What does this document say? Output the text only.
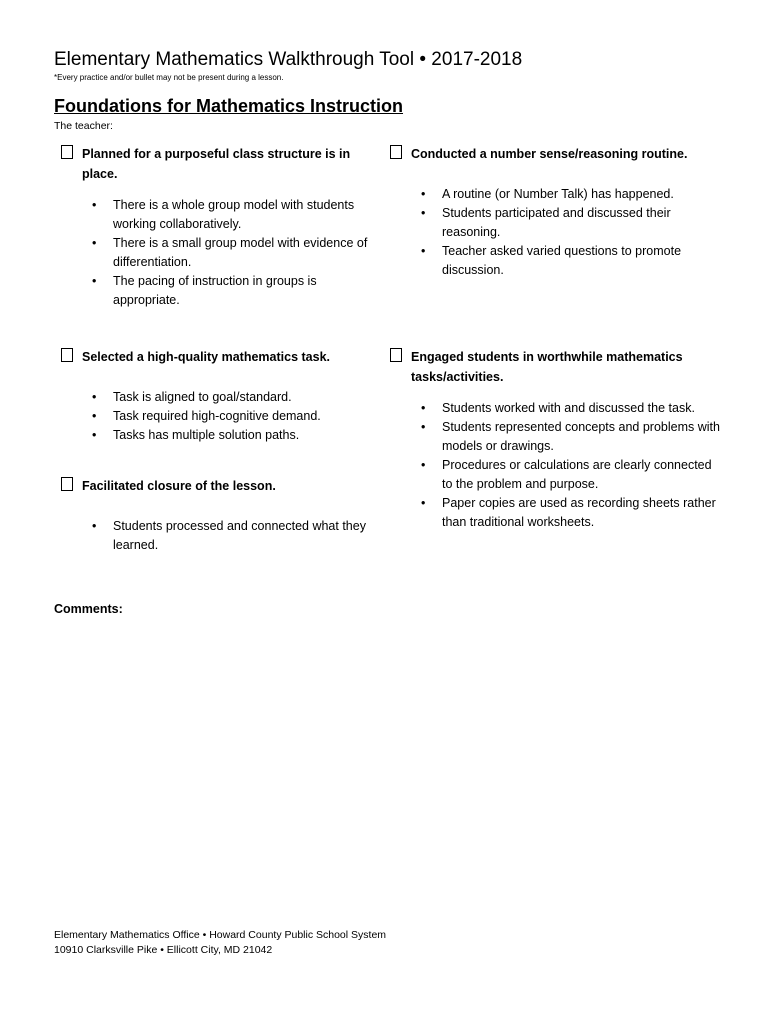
Elementary Mathematics Walkthrough Tool • 2017-2018
*Every practice and/or bullet may not be present during a lesson.
Foundations for Mathematics Instruction
The teacher:
Planned for a purposeful class structure is in place.
• There is a whole group model with students working collaboratively.
• There is a small group model with evidence of differentiation.
• The pacing of instruction in groups is appropriate.
Conducted a number sense/reasoning routine.
• A routine (or Number Talk) has happened.
• Students participated and discussed their reasoning.
• Teacher asked varied questions to promote discussion.
Selected a high-quality mathematics task.
• Task is aligned to goal/standard.
• Task required high-cognitive demand.
• Tasks has multiple solution paths.
Engaged students in worthwhile mathematics tasks/activities.
• Students worked with and discussed the task.
• Students represented concepts and problems with models or drawings.
• Procedures or calculations are clearly connected to the problem and purpose.
• Paper copies are used as recording sheets rather than traditional worksheets.
Facilitated closure of the lesson.
• Students processed and connected what they learned.
Comments:
Elementary Mathematics Office • Howard County Public School System
10910 Clarksville Pike • Ellicott City, MD 21042
